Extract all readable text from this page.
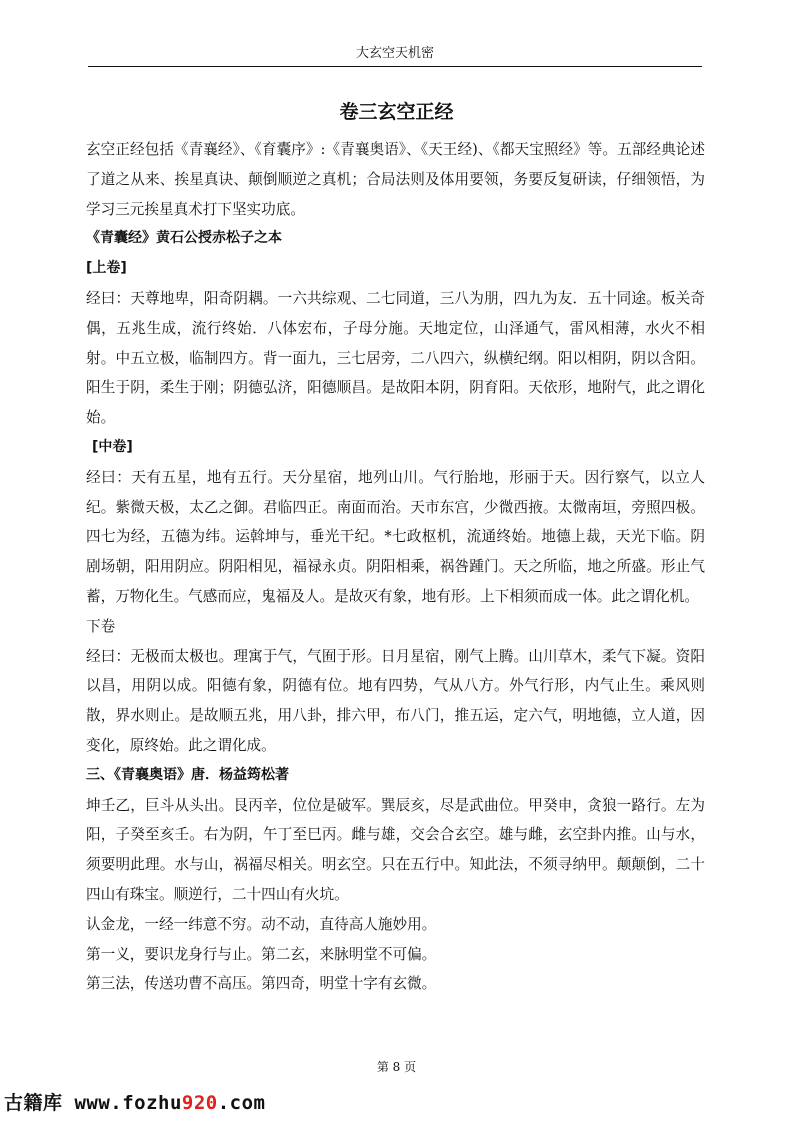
大玄空天机密
卷三玄空正经

玄空正经包括《青襄经》、《育囊序》:《青襄奥语》、《天王经)、《都天宝照经》等。五部经典论述了道之从来、挨星真诀、颠倒顺逆之真机；合局法则及体用要领，务要反复研读，仔细领悟，为学习三元挨星真术打下坚实功底。

《青囊经》黄石公授赤松子之本

[上卷]

经曰：天尊地卑，阳奇阴耦。一六共综观、二七同道，三八为朋，四九为友．五十同途。板关奇偶，五兆生成，流行终始．八体宏布，子母分施。天地定位，山泽通气，雷风相薄，水火不相射。中五立极，临制四方。背一面九，三七居旁，二八四六，纵横纪纲。阳以相阴，阴以含阳。阳生于阴，柔生于刚；阴德弘济，阳德顺昌。是故阳本阴，阴育阳。天依形，地附气，此之谓化始。

[中卷]

经曰：天有五星，地有五行。天分星宿，地列山川。气行胎地，形丽于天。因行察气，以立人纪。紫微天极，太乙之御。君临四正。南面而治。天市东宫，少微西掖。太微南垣，旁照四极。四七为经，五德为纬。运斡坤与，垂光干纪。*七政枢机，流通终始。地德上裁，天光下临。阴剧场朝，阳用阴应。阴阳相见，福禄永贞。阴阳相乘，祸咎踵门。天之所临，地之所盛。形止气蓄，万物化生。气感而应，鬼福及人。是故灭有象，地有形。上下相须而成一体。此之谓化机。

下卷

经曰：无极而太极也。理寓于气，气囿于形。日月星宿，刚气上腾。山川草木，柔气下凝。资阳以昌，用阴以成。阳德有象，阴德有位。地有四势，气从八方。外气行形，内气止生。乘风则散，界水则止。是故顺五兆，用八卦，排六甲，布八门，推五运，定六气，明地德，立人道，因变化，原终始。此之谓化成。

三、《青襄奥语》唐．杨益筠松著

坤壬乙，巨斗从头出。艮丙辛，位位是破军。巽辰亥，尽是武曲位。甲癸申，贪狼一路行。左为阳，子癸至亥壬。右为阴，午丁至巳丙。雌与雄，交会合玄空。雄与雌，玄空卦内推。山与水，须要明此理。水与山，祸福尽相关。明玄空。只在五行中。知此法，不须寻纳甲。颠颠倒，二十四山有珠宝。顺逆行，二十四山有火坑。

认金龙，一经一纬意不穷。动不动，直待高人施妙用。

第一义，要识龙身行与止。第二玄，来脉明堂不可偏。

第三法，传送功曹不高压。第四奇，明堂十字有玄微。

第 8 页
古籍库 www.fozhu920.com
